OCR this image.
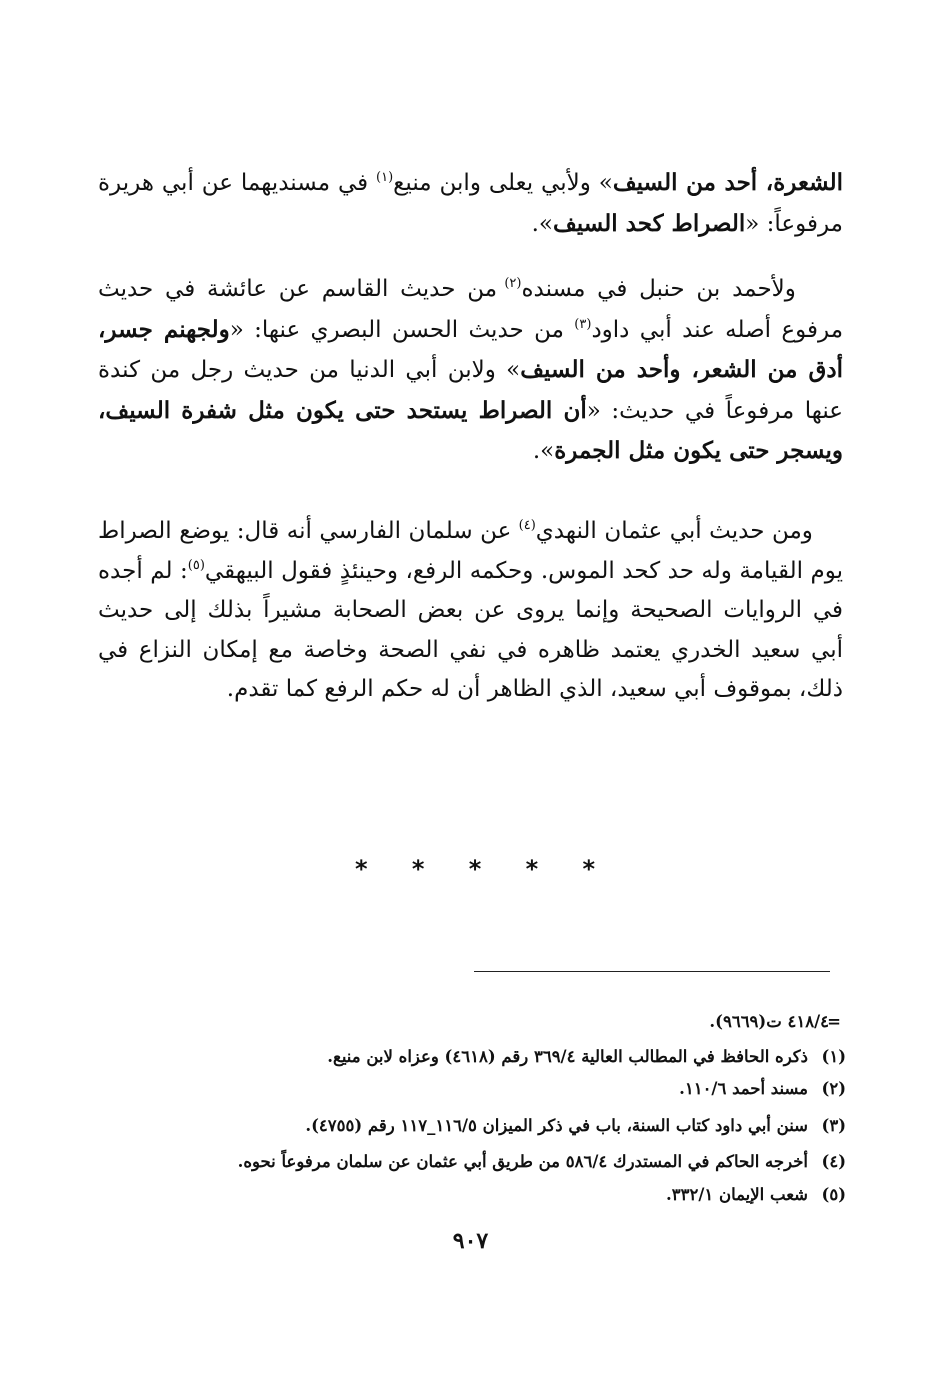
الشعرة، أحد من السيف» ولأبي يعلى وابن منيع$^{(١)}$ في مسنديهما عن أبي هريرة مرفوعاً: «الصراط كحد السيف».

ولأحمد بن حنبل في مسنده$^{(٢)}$ من حديث القاسم عن عائشة في حديث مرفوع أصله عند أبي داود$^{(٣)}$ من حديث الحسن البصري عنها: «ولجهنم جسر، أدق من الشعر، وأحد من السيف» ولابن أبي الدنيا من حديث رجل من كندة عنها مرفوعاً في حديث: «أن الصراط يستحد حتى يكون مثل شفرة السيف، ويسجر حتى يكون مثل الجمرة».

ومن حديث أبي عثمان النهدي$^{(٤)}$ عن سلمان الفارسي أنه قال: يوضع الصراط يوم القيامة وله حد كحد الموس. وحكمه الرفع، وحينئذٍ فقول البيهقي$^{(٥)}$: لم أجده في الروايات الصحيحة وإنما يروى عن بعض الصحابة مشيراً بذلك إلى حديث أبي سعيد الخدري يعتمد ظاهره في نفي الصحة وخاصة مع إمكان النزاع في ذلك، بموقوف أبي سعيد، الذي الظاهر أن له حكم الرفع كما تقدم.

* * * * *
=
٤١٨/٤ ت(٩٦٦٩).
(١)ذكره الحافظ في المطالب العالية ٣٦٩/٤ رقم (٤٦١٨) وعزاه لابن منيع.
(٢)مسند أحمد ١١٠/٦.
(٣)سنن أبي داود كتاب السنة، باب في ذكر الميزان ١١٦/٥_١١٧ رقم (٤٧٥٥).
(٤)أخرجه الحاكم في المستدرك ٥٨٦/٤ من طريق أبي عثمان عن سلمان مرفوعاً نحوه.
(٥)شعب الإيمان ٣٣٢/١.
٩٠٧
